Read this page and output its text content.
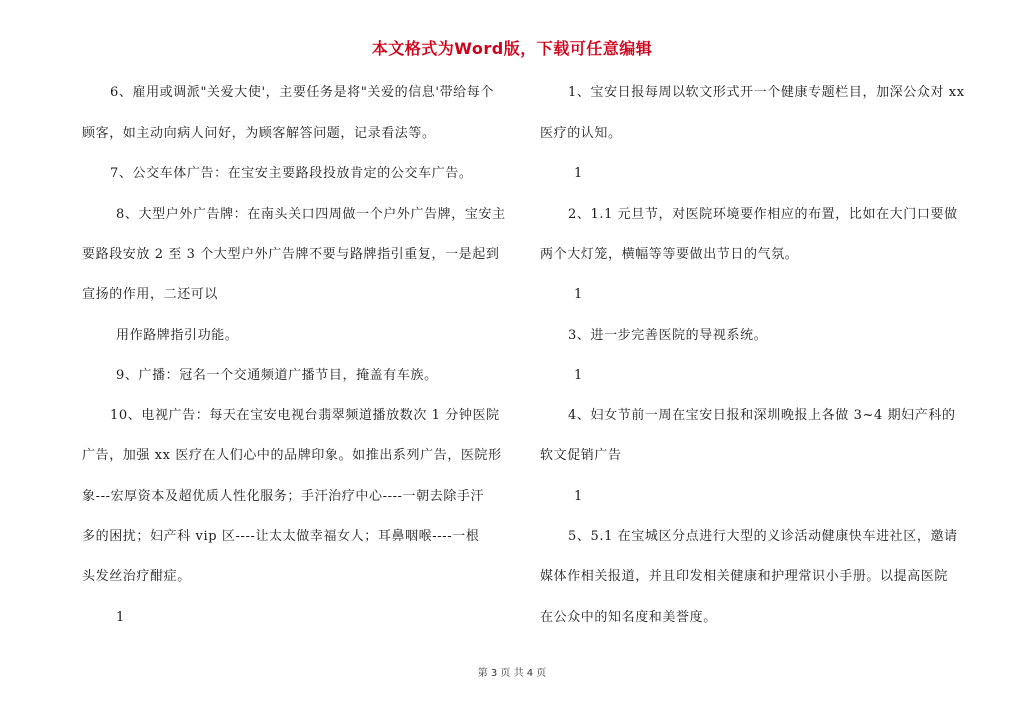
本文格式为Word版，下载可任意编辑
6、雇用或调派"关爱大使'，主要任务是将"关爱的信息'带给每个
顾客，如主动向病人问好，为顾客解答问题，记录看法等。
7、公交车体广告：在宝安主要路段投放肯定的公交车广告。
8、大型户外广告牌：在南头关口四周做一个户外广告牌，宝安主
要路段安放 2 至 3 个大型户外广告牌不要与路牌指引重复，一是起到
宣扬的作用，二还可以
用作路牌指引功能。
9、广播：冠名一个交通频道广播节目，掩盖有车族。
10、电视广告：每天在宝安电视台翡翠频道播放数次 1 分钟医院
广告，加强 xx 医疗在人们心中的品牌印象。如推出系列广告，医院形
象---宏厚资本及超优质人性化服务；手汗治疗中心----一朝去除手汗
多的困扰；妇产科 vip 区----让太太做幸福女人；耳鼻咽喉----一根
头发丝治疗酣症。
1
1、宝安日报每周以软文形式开一个健康专题栏目，加深公众对 xx
医疗的认知。
1
2、1.1 元旦节，对医院环境要作相应的布置，比如在大门口要做
两个大灯笼，横幅等等要做出节日的气氛。
1
3、进一步完善医院的导视系统。
1
4、妇女节前一周在宝安日报和深圳晚报上各做 3~4 期妇产科的
软文促销广告
1
5、5.1 在宝城区分点进行大型的义诊活动健康快车进社区，邀请
媒体作相关报道，并且印发相关健康和护理常识小手册。以提高医院
在公众中的知名度和美誉度。
第 3 页 共 4 页
